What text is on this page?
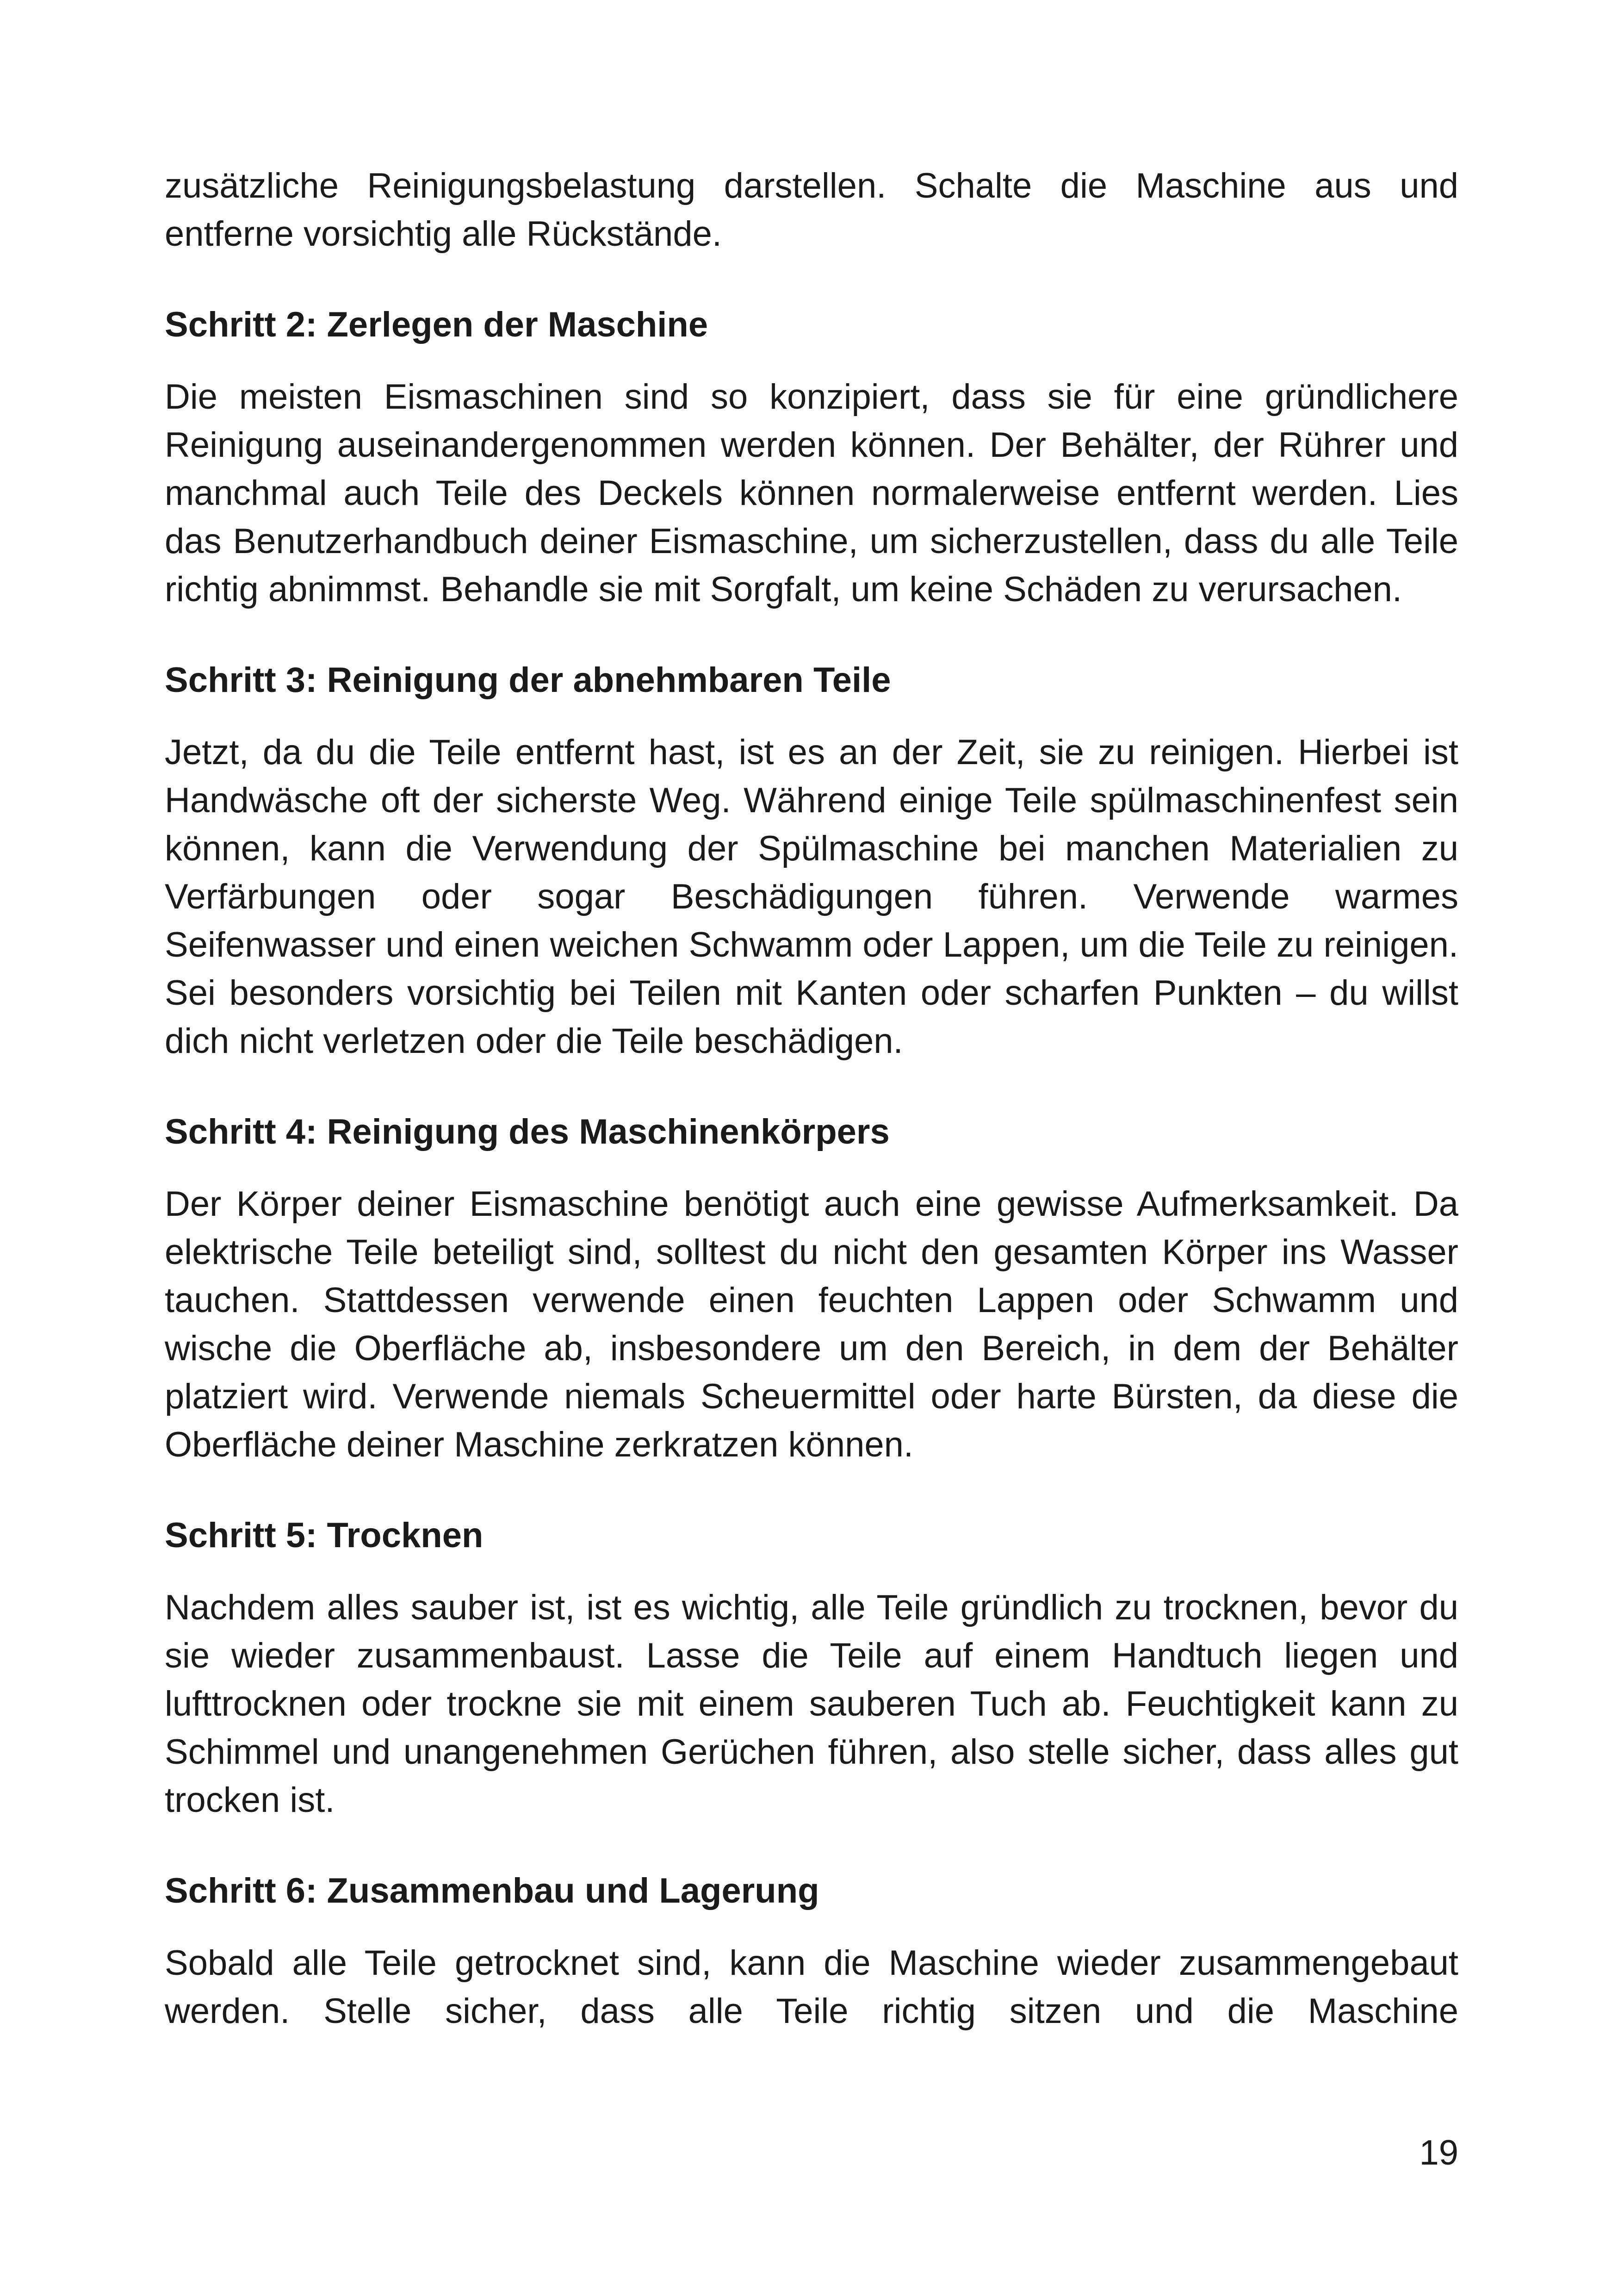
zusätzliche Reinigungsbelastung darstellen. Schalte die Maschine aus und entferne vorsichtig alle Rückstände.

Schritt 2: Zerlegen der Maschine

Die meisten Eismaschinen sind so konzipiert, dass sie für eine gründlichere Reinigung auseinandergenommen werden können. Der Behälter, der Rührer und manchmal auch Teile des Deckels können normalerweise entfernt werden. Lies das Benutzerhandbuch deiner Eismaschine, um sicherzustellen, dass du alle Teile richtig abnimmst. Behandle sie mit Sorgfalt, um keine Schäden zu verursachen.

Schritt 3: Reinigung der abnehmbaren Teile

Jetzt, da du die Teile entfernt hast, ist es an der Zeit, sie zu reinigen. Hierbei ist Handwäsche oft der sicherste Weg. Während einige Teile spülmaschinenfest sein können, kann die Verwendung der Spülmaschine bei manchen Materialien zu Verfärbungen oder sogar Beschädigungen führen. Verwende warmes Seifenwasser und einen weichen Schwamm oder Lappen, um die Teile zu reinigen. Sei besonders vorsichtig bei Teilen mit Kanten oder scharfen Punkten – du willst dich nicht verletzen oder die Teile beschädigen.

Schritt 4: Reinigung des Maschinenkörpers

Der Körper deiner Eismaschine benötigt auch eine gewisse Aufmerksamkeit. Da elektrische Teile beteiligt sind, solltest du nicht den gesamten Körper ins Wasser tauchen. Stattdessen verwende einen feuchten Lappen oder Schwamm und wische die Oberfläche ab, insbesondere um den Bereich, in dem der Behälter platziert wird. Verwende niemals Scheuermittel oder harte Bürsten, da diese die Oberfläche deiner Maschine zerkratzen können.

Schritt 5: Trocknen

Nachdem alles sauber ist, ist es wichtig, alle Teile gründlich zu trocknen, bevor du sie wieder zusammenbaust. Lasse die Teile auf einem Handtuch liegen und lufttrocknen oder trockne sie mit einem sauberen Tuch ab. Feuchtigkeit kann zu Schimmel und unangenehmen Gerüchen führen, also stelle sicher, dass alles gut trocken ist.

Schritt 6: Zusammenbau und Lagerung

Sobald alle Teile getrocknet sind, kann die Maschine wieder zusammengebaut werden. Stelle sicher, dass alle Teile richtig sitzen und die Maschine

19
